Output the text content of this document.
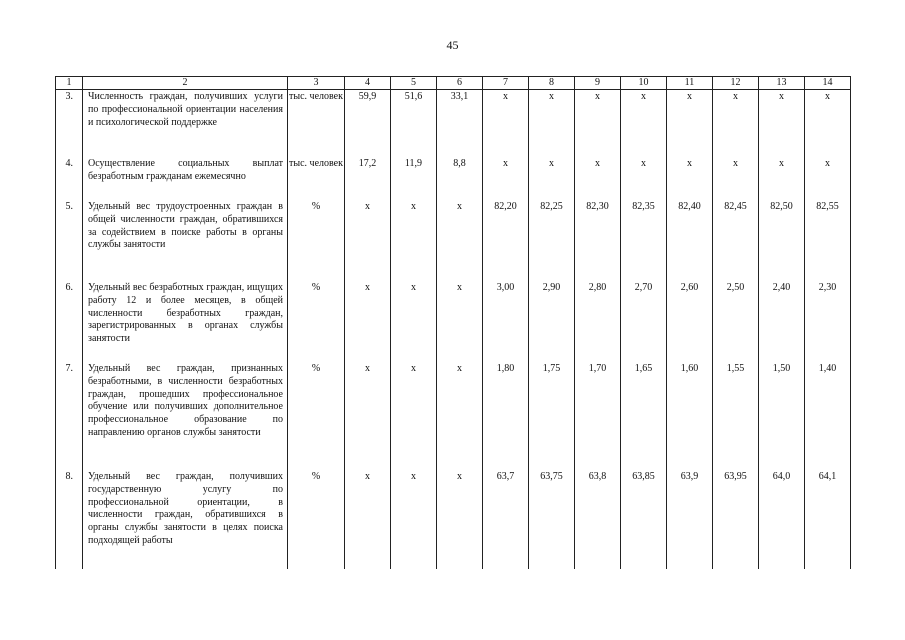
45
1	2	3	4	5	6	7	8	9	10	11	12	13	14
3.	Численность граждан, получивших услуги по профессиональной ориентации населения и психологической поддержке	тыс. человек	59,9	51,6	33,1	х	х	х	х	х	х	х	х
4.	Осуществление социальных выплат безработным гражданам ежемесячно	тыс. человек	17,2	11,9	8,8	х	х	х	х	х	х	х	х
5.	Удельный вес трудоустроенных граждан в общей численности граждан, обратившихся за содействием в поиске работы в органы службы занятости	%	х	х	х	82,20	82,25	82,30	82,35	82,40	82,45	82,50	82,55
6.	Удельный вес безработных граждан, ищущих работу 12 и более месяцев, в общей численности безработных граждан, зарегистрированных в органах службы занятости	%	х	х	х	3,00	2,90	2,80	2,70	2,60	2,50	2,40	2,30
7.	Удельный вес граждан, признанных безработными, в численности безработных граждан, прошедших профессиональное обучение или получивших дополнительное профессиональное образование по направлению органов службы занятости	%	х	х	х	1,80	1,75	1,70	1,65	1,60	1,55	1,50	1,40
8.	Удельный вес граждан, получивших государственную услугу по профессиональной ориентации, в численности граждан, обратившихся в органы службы занятости в целях поиска подходящей работы	%	х	х	х	63,7	63,75	63,8	63,85	63,9	63,95	64,0	64,1
